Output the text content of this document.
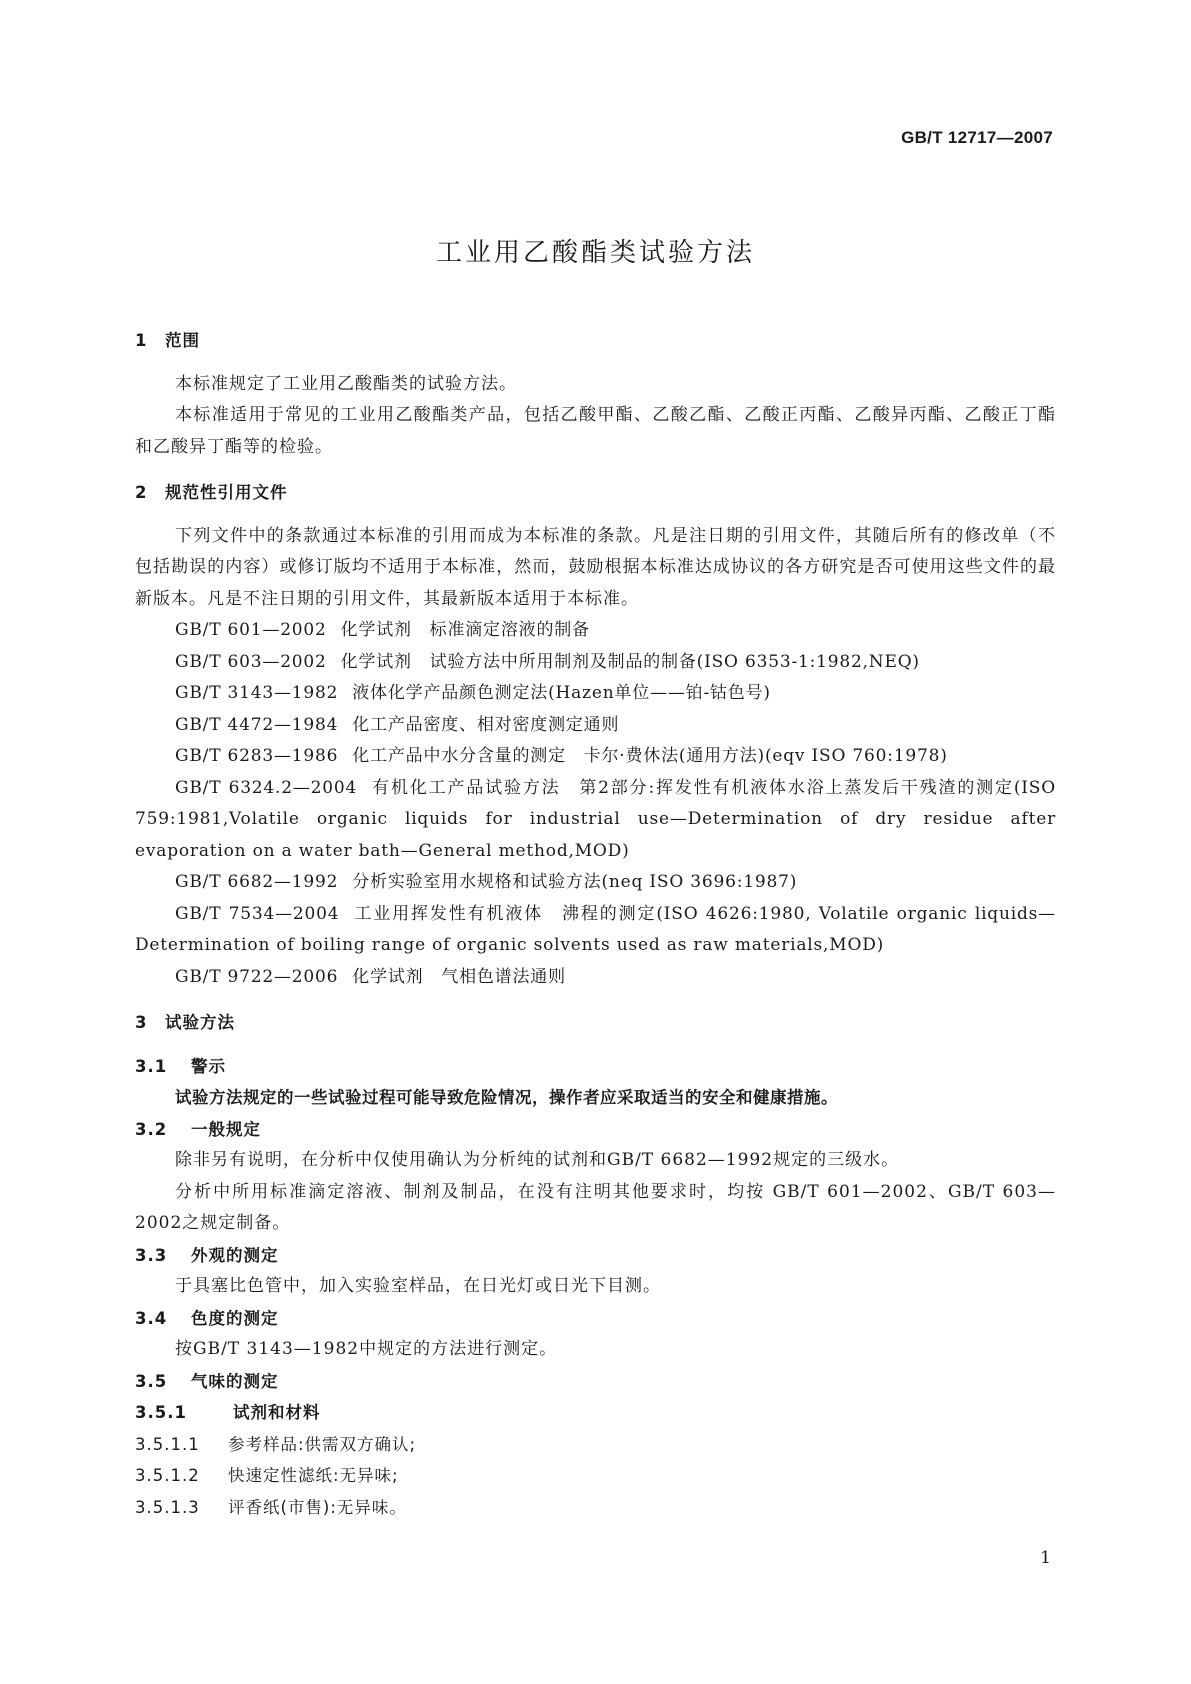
GB/T 12717—2007
工业用乙酸酯类试验方法
1 范围
本标准规定了工业用乙酸酯类的试验方法。
本标准适用于常见的工业用乙酸酯类产品，包括乙酸甲酯、乙酸乙酯、乙酸正丙酯、乙酸异丙酯、乙酸正丁酯和乙酸异丁酯等的检验。
2 规范性引用文件
下列文件中的条款通过本标准的引用而成为本标准的条款。凡是注日期的引用文件，其随后所有的修改单（不包括勘误的内容）或修订版均不适用于本标准，然而，鼓励根据本标准达成协议的各方研究是否可使用这些文件的最新版本。凡是不注日期的引用文件，其最新版本适用于本标准。
GB/T 601—2002 化学试剂　标准滴定溶液的制备
GB/T 603—2002 化学试剂　试验方法中所用制剂及制品的制备(ISO 6353-1:1982,NEQ)
GB/T 3143—1982 液体化学产品颜色测定法(Hazen单位——铂-钴色号)
GB/T 4472—1984 化工产品密度、相对密度测定通则
GB/T 6283—1986 化工产品中水分含量的测定　卡尔·费休法(通用方法)(eqv ISO 760:1978)
GB/T 6324.2—2004 有机化工产品试验方法　第2部分:挥发性有机液体水浴上蒸发后干残渣的测定(ISO 759:1981,Volatile organic liquids for industrial use—Determination of dry residue after evaporation on a water bath—General method,MOD)
GB/T 6682—1992 分析实验室用水规格和试验方法(neq ISO 3696:1987)
GB/T 7534—2004 工业用挥发性有机液体　沸程的测定(ISO 4626:1980, Volatile organic liquids—Determination of boiling range of organic solvents used as raw materials,MOD)
GB/T 9722—2006 化学试剂　气相色谱法通则
3 试验方法
3.1 警示
试验方法规定的一些试验过程可能导致危险情况，操作者应采取适当的安全和健康措施。
3.2 一般规定
除非另有说明，在分析中仅使用确认为分析纯的试剂和GB/T 6682—1992规定的三级水。
分析中所用标准滴定溶液、制剂及制品，在没有注明其他要求时，均按 GB/T 601—2002、GB/T 603—2002之规定制备。
3.3 外观的测定
于具塞比色管中，加入实验室样品，在日光灯或日光下目测。
3.4 色度的测定
按GB/T 3143—1982中规定的方法进行测定。
3.5 气味的测定
3.5.1	试剂和材料
3.5.1.1 参考样品:供需双方确认;
3.5.1.2 快速定性滤纸:无异味;
3.5.1.3 评香纸(市售):无异味。
1
